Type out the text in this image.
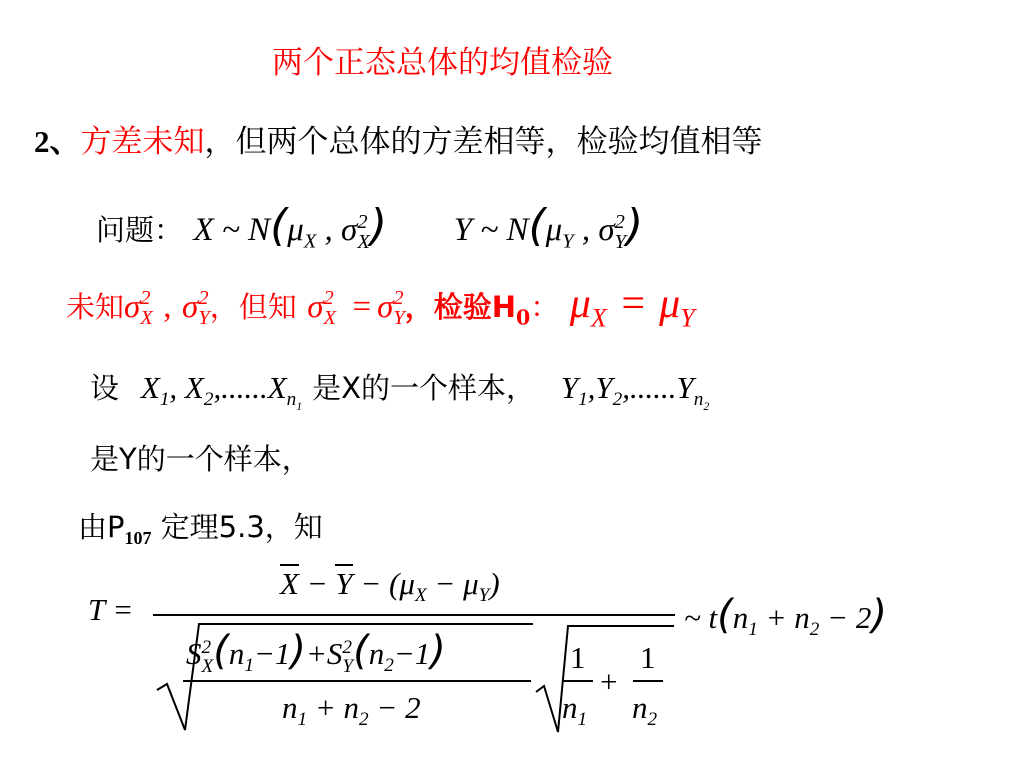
两个正态总体的均值检验
2、方差未知，但两个总体的方差相等，检验均值相等
问题： X ~ $N(\mu_X$ , σ 2
X ) Y ~ $N(\mu_Y$ , σ 2
Y )
未知σ 2
X , σ 2
Y ，但知 σ 2
X = σ 2
Y ，检验$H_0$： $\mu_X = \mu_Y$
设 $X_1$, $X_2,......X_{n_1}$ 是X的一个样本， $Y_1,Y_2,......Y_{n_2}$
是Y的一个样本，
由$P_{107}$ 定理5.3，知
T =
$X - Y - (\mu_X - \mu_Y)$
S 2
X $(n_1-1)+S$ 2
Y $(n_2-1)$
$n_1 + n_2 - 2$
1
$n_1$
+
1
$n_2$
~ $t(n_1 + n_2 - 2)$
